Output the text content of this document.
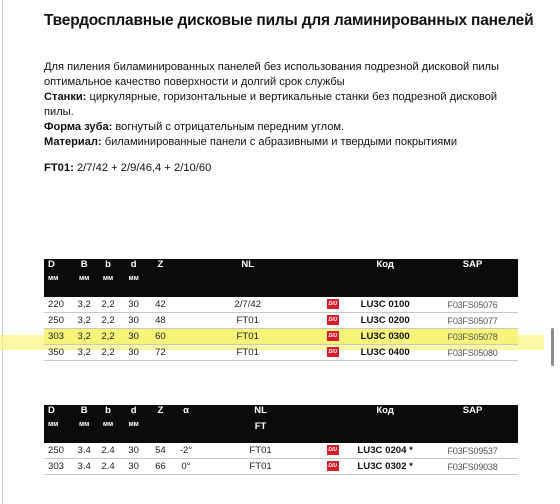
Твердосплавные дисковые пилы для ламинированных панелей

Для пиления биламинированных панелей без использования подрезной дисковой пилы оптимальное качество поверхности и долгий срок службы

Станки: циркулярные, горизонтальные и вертикальные станки без подрезной дисковой пилы.

Форма зуба: вогнутый с отрицательным передним углом.

Материал: биламинированные панели с абразивными и твердыми покрытиями

FT01: 2/7/42 + 2/9/46,4 + 2/10/60
D	B	b	d	Z	NL		Код	SAP
мм	мм	мм	мм					
220	3,2	2,2	30	42	2/7/42	D/U	LU3C 0100	F03FS05076
250	3,2	2,2	30	48	FT01	D/U	LU3C 0200	F03FS05077
303	3,2	2,2	30	60	FT01	D/U	LU3C 0300	F03FS05078
350	3,2	2,2	30	72	FT01	D/U	LU3C 0400	F03FS05080
D	B	b	d	Z	α	NL		Код	SAP
мм	мм	мм	мм			FT			
250	3.4	2.4	30	54	-2°	FT01	D/U	LU3C 0204 *	F03FS09537
303	3.4	2.4	30	66	0°	FT01	D/U	LU3C 0302 *	F03FS09038
